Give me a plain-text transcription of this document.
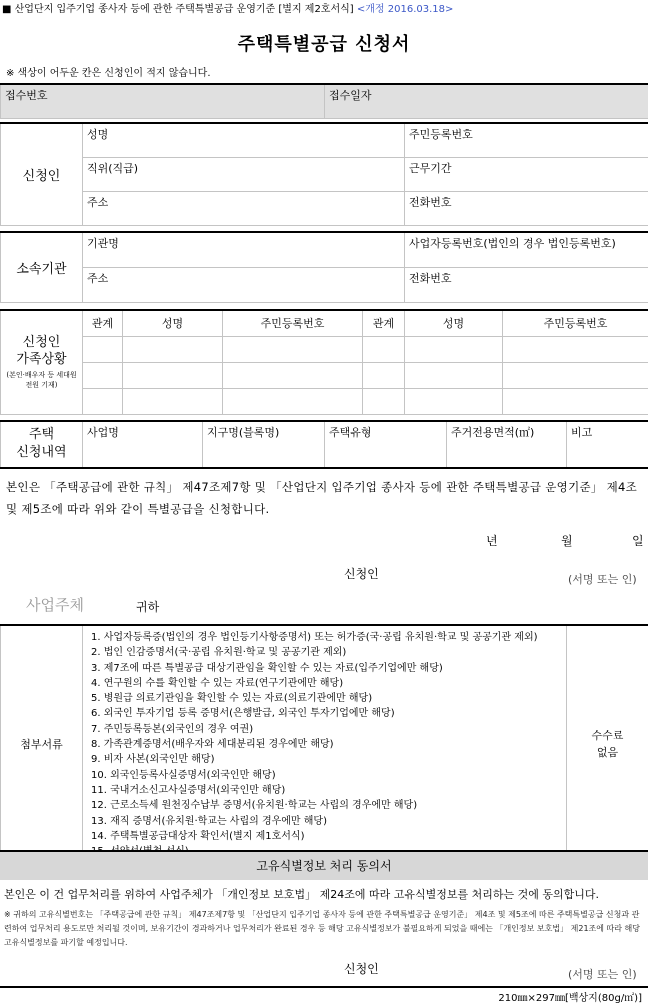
■ 산업단지 입주기업 종사자 등에 관한 주택특별공급 운영기준 [별지 제2호서식] <개정 2016.03.18>
주택특별공급 신청서
※ 색상이 어두운 칸은 신청인이 적지 않습니다.
접수번호	접수일자
신청인	성명	주민등록번호
	직위(직급)	근무기간
	주소	전화번호
소속기관	기관명	사업자등록번호(법인의 경우 법인등록번호)
	주소	전화번호
신청인
가족상황
(본인·배우자 등 세대원 전원 기재)	관계	성명	주민등록번호	관계	성명	주민등록번호

주택
신청내역
	사업명	지구명(블록명)	주택유형	주거전용면적(㎡)	비고
본인은 「주택공급에 관한 규칙」 제47조제7항 및 「산업단지 입주기업 종사자 등에 관한 주택특별공급 운영기준」 제4조 및 제5조에 따라 위와 같이 특별공급을 신청합니다.
년	월	일
신청인	(서명 또는 인)
사업주체	귀하
첨부서류	
1. 사업자등록증(법인의 경우 법인등기사항증명서) 또는 허가증(국·공립 유치원·학교 및 공공기관 제외)
2. 법인 인감증명서(국·공립 유치원·학교 및 공공기관 제외)
3. 제7조에 따른 특별공급 대상기관임을 확인할 수 있는 자료(입주기업에만 해당)
4. 연구원의 수를 확인할 수 있는 자료(연구기관에만 해당)
5. 병원급 의료기관임을 확인할 수 있는 자료(의료기관에만 해당)
6. 외국인 투자기업 등록 증명서(은행발급, 외국인 투자기업에만 해당)
7. 주민등록등본(외국인의 경우 여권)
8. 가족관계증명서(배우자와 세대분리된 경우에만 해당)
9. 비자 사본(외국인만 해당)
10. 외국인등록사실증명서(외국인만 해당)
11. 국내거소신고사실증명서(외국인만 해당)
12. 근로소득세 원천징수납부 증명서(유치원·학교는 사립의 경우에만 해당)
13. 재직 증명서(유치원·학교는 사립의 경우에만 해당)
14. 주택특별공급대상자 확인서(별지 제1호서식)

수수료
없음
고유식별정보 처리 동의서
본인은 이 건 업무처리를 위하여 사업주체가 「개인정보 보호법」 제24조에 따라 고유식별정보를 처리하는 것에 동의합니다.
※ 귀하의 고유식별번호는 「주택공급에 관한 규칙」 제47조제7항 및 「산업단지 입주기업 종사자 등에 관한 주택특별공급 운영기준」 제4조 및 제5조에 따른 주택특별공급 신청과 관련하여 업무처리 용도로만 처리될 것이며, 보유기간이 경과하거나 업무처리가 완료된 경우 등 해당 고유식별정보가 불필요하게 되었을 때에는 「개인정보 보호법」 제21조에 따라 해당 고유식별정보를 파기할 예정입니다.
신청인	(서명 또는 인)
210㎜×297㎜[백상지(80g/㎡)]
